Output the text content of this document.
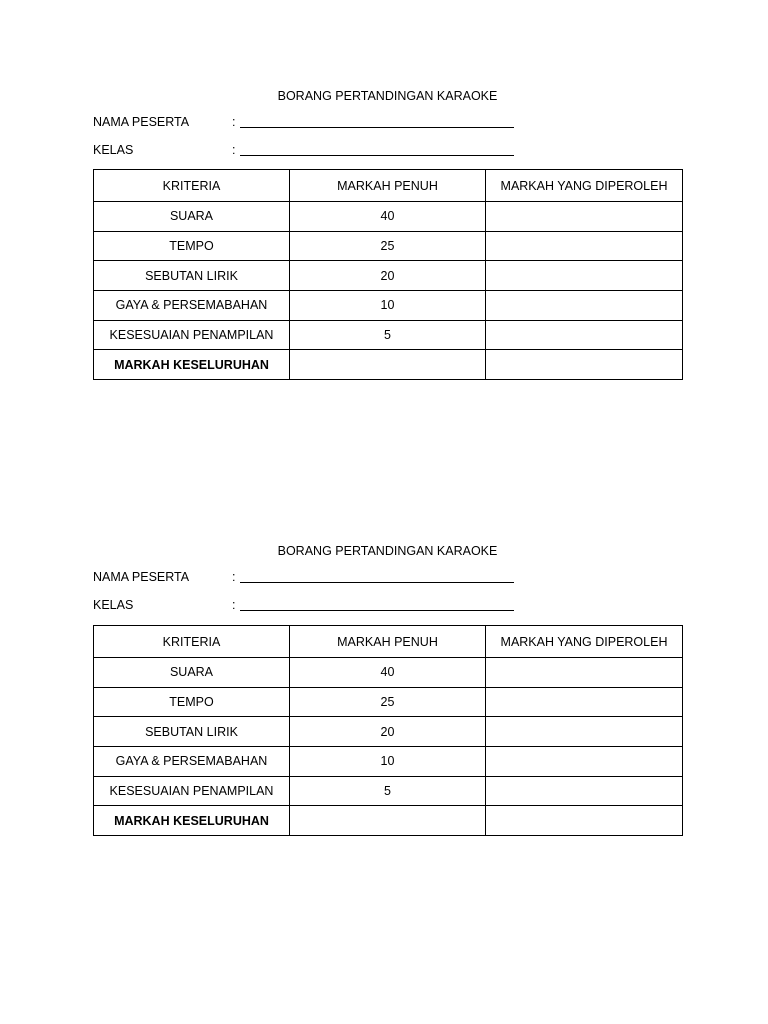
BORANG PERTANDINGAN KARAOKE
NAMA PESERTA	:
KELAS	:
KRITERIA	MARKAH PENUH	MARKAH YANG DIPEROLEH
SUARA	40	
TEMPO	25	
SEBUTAN LIRIK	20	
GAYA & PERSEMABAHAN	10	
KESESUAIAN PENAMPILAN	5	
MARKAH KESELURUHAN		
BORANG PERTANDINGAN KARAOKE
NAMA PESERTA	:
KELAS	:
KRITERIA	MARKAH PENUH	MARKAH YANG DIPEROLEH
SUARA	40	
TEMPO	25	
SEBUTAN LIRIK	20	
GAYA & PERSEMABAHAN	10	
KESESUAIAN PENAMPILAN	5	
MARKAH KESELURUHAN		
